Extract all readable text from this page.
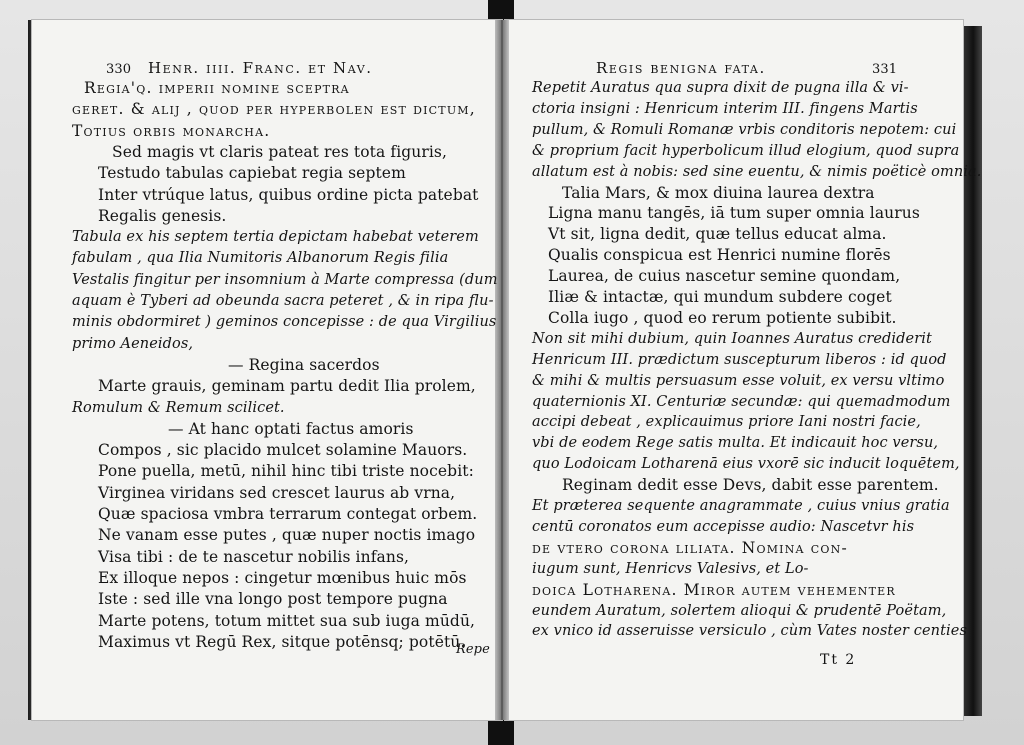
330 Henr. iiii. Franc. et Nav.	Regis benigna fata.	331
Regia'q. imperii nomine sceptra
geret. & alij , quod per hyperbolen est dictum,
Totius orbis monarcha.
Sed magis vt claris pateat res tota figuris,
Testudo tabulas capiebat regia septem
Inter vtrúque latus, quibus ordine picta patebat
Regalis genesis.
Tabula ex his septem tertia depictam habebat veterem
fabulam , qua Ilia Numitoris Albanorum Regis filia
Vestalis fingitur per insomnium à Marte compressa (dum
aquam è Tyberi ad obeunda sacra peteret , & in ripa flu-
minis obdormiret ) geminos concepisse : de qua Virgilius
primo Aeneidos,
— Regina sacerdos
Marte grauis, geminam partu dedit Ilia prolem,
Romulum & Remum scilicet.
— At hanc optati factus amoris
Compos , sic placido mulcet solamine Mauors.
Pone puella, metū, nihil hinc tibi triste nocebit:
Virginea viridans sed crescet laurus ab vrna,
Quæ spaciosa vmbra terrarum contegat orbem.
Ne vanam esse putes , quæ nuper noctis imago
Visa tibi : de te nascetur nobilis infans,
Ex illoque nepos : cingetur mœnibus huic mōs
Iste : sed ille vna longo post tempore pugna
Marte potens, totum mittet sua sub iuga mūdū,
Maximus vt Regū Rex, sitque potēnsq; potētū.
Repetit Auratus qua supra dixit de pugna illa & vi-
ctoria insigni : Henricum interim III. fingens Martis
pullum, & Romuli Romanæ vrbis conditoris nepotem: cui
& proprium facit hyperbolicum illud elogium, quod supra
allatum est à nobis: sed sine euentu, & nimis poëticè omnia.
Talia Mars, & mox diuina laurea dextra
Ligna manu tangēs, iā tum super omnia laurus
Vt sit, ligna dedit, quæ tellus educat alma.
Qualis conspicua est Henrici numine florēs
Laurea, de cuius nascetur semine quondam,
Iliæ & intactæ, qui mundum subdere coget
Colla iugo , quod eo rerum potiente subibit.
Non sit mihi dubium, quin Ioannes Auratus crediderit
Henricum III. prædictum suscepturum liberos : id quod
& mihi & multis persuasum esse voluit, ex versu vltimo
quaternionis XI. Centuriæ secundæ: qui quemadmodum
accipi debeat , explicauimus priore Iani nostri facie,
vbi de eodem Rege satis multa. Et indicauit hoc versu,
quo Lodoicam Lotharenā eius vxorē sic inducit loquētem,
Reginam dedit esse Devs, dabit esse parentem.
Et præterea sequente anagrammate , cuius vnius gratia
centū coronatos eum accepisse audio: Nascetvr his
de vtero corona liliata. Nomina con-
iugum sunt, Henricvs Valesivs, et Lo-
doica Lotharena. Miror autem vehementer
eundem Auratum, solertem alioqui & prudentē Poëtam,
ex vnico id asseruisse versiculo , cùm Vates noster centies
Repe
Tt 2
